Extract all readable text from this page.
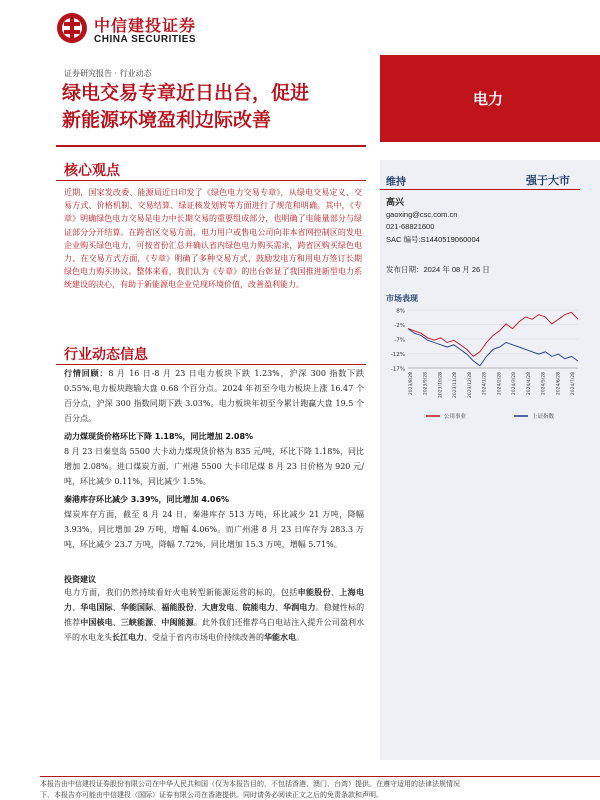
中信建投证券
CHINA SECURITIES
证券研究报告 · 行业动态
绿电交易专章近日出台，促进
新能源环境盈利边际改善
电力
核心观点
近期，国家发改委、能源局近日印发了《绿色电力交易专章》，从绿电交易定义、交易方式、价格机制、交易结算、绿证核发划转等方面进行了规范和明确。其中，《专章》明确绿色电力交易是电力中长期交易的重要组成部分，也明确了电能量部分与绿证部分分开结算。在跨省区交易方面，电力用户或售电公司向非本省网控制区的发电企业购买绿色电力，可按省份汇总并确认省内绿色电力购买需求，跨省区购买绿色电力、在交易方式方面，《专章》明确了多种交易方式，鼓励发电方和用电方签订长期绿色电力购买协议。整体来看，我们认为《专章》的出台彰显了我国推进新型电力系统建设的决心，有助于新能源电企业兑现环境价值，改善盈利能力。
行业动态信息
行情回顾：8 月 16 日-8 月 23 日电力板块下跌 1.23%，沪深 300 指数下跌 0.55%,电力板块跑输大盘 0.68 个百分点。2024 年初至今电力板块上涨 16.47 个百分点，沪深 300 指数同期下跌 3.03%。电力板块年初至今累计跑赢大盘 19.5 个百分点。
动力煤现货价格环比下降 1.18%，同比增加 2.08%
8 月 23 日秦皇岛 5500 大卡动力煤现货价格为 835 元/吨，环比下降 1.18%，同比增加 2.08%。进口煤炭方面，广州港 5500 大卡印尼煤 8 月 23 日价格为 920 元/吨，环比减少 0.11%，同比减少 1.5%。
秦港库存环比减少 3.39%，同比增加 4.06%
煤炭库存方面，截至 8 月 24 日，秦港库存 513 万吨，环比减少 21 万吨，降幅 3.93%，同比增加 29 万吨，增幅 4.06%。而广州港 8 月 23 日库存为 283.3 万吨，环比减少 23.7 万吨，降幅 7.72%，同比增加 15.3 万吨，增幅 5.71%。
投资建议
电力方面，我们仍然持续看好火电转型新能源运营的标的，包括申能股份、上海电力、华电国际、华能国际、福能股份、大唐发电、皖能电力、华润电力。稳健性标的推荐中国核电、三峡能源、中闽能源。此外我们还推荐乌白电站注入提升公司盈利水平的水电龙头长江电力、受益于省内市场电价持续改善的华能水电。
维持	强于大市
高兴
gaoxing@csc.com.cn
021-68821600
SAC 编号:S1440519060004
发布日期：2024 年 08 月 26 日
市场表现
8%
-2%
-7%
-12%
-17%
2023/8/28 2023/9/28 2023/10/28 2023/11/28 2023/12/28 2024/1/28 2024/2/28 2024/3/28 2024/4/28 2024/5/28 2024/6/28 2024/7/28
公用事业	上证指数
本报告由中信建投证券股份有限公司在中华人民共和国（仅为本报告目的，不包括香港、澳门、台湾）提供。在遵守适用的法律法规情况
下，本报告亦可能由中信建投（国际）证券有限公司在香港提供。同时请务必阅读正文之后的免责条款和声明。
